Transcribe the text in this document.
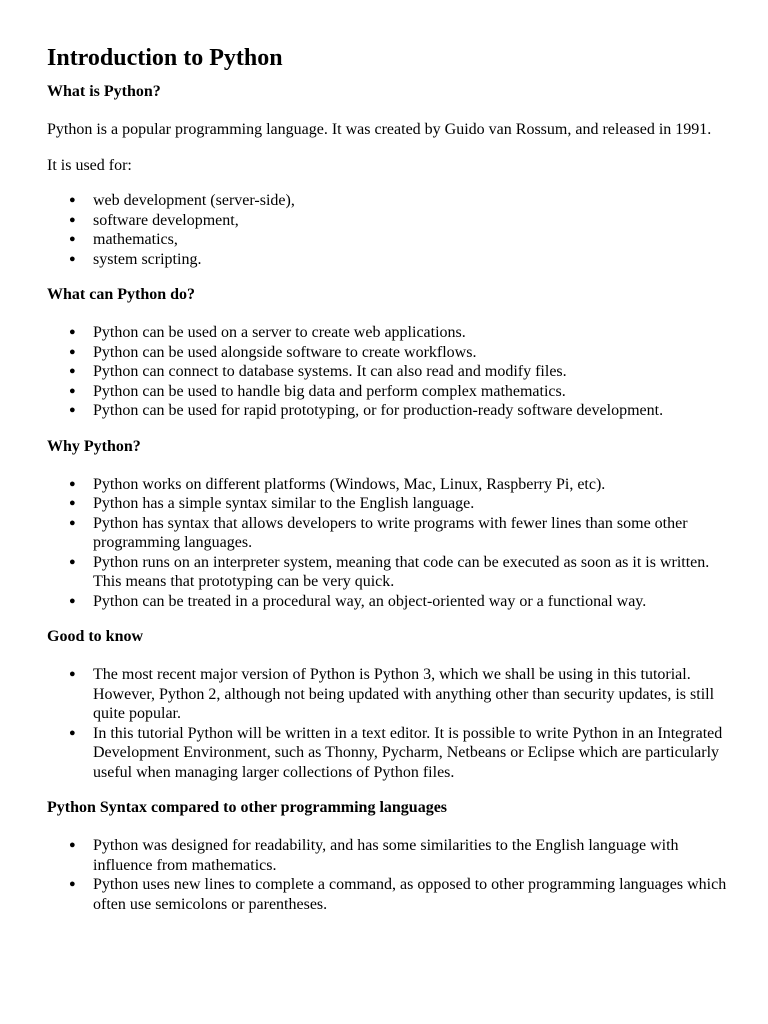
Introduction to Python
What is Python?

Python is a popular programming language. It was created by Guido van Rossum, and released in 1991.

It is used for:

● web development (server-side),
● software development,
● mathematics,
● system scripting.
What can Python do?
● Python can be used on a server to create web applications.
● Python can be used alongside software to create workflows.
● Python can connect to database systems. It can also read and modify files.
● Python can be used to handle big data and perform complex mathematics.
● Python can be used for rapid prototyping, or for production-ready software development.
Why Python?
● Python works on different platforms (Windows, Mac, Linux, Raspberry Pi, etc).
● Python has a simple syntax similar to the English language.
● Python has syntax that allows developers to write programs with fewer lines than some other programming languages.
● Python runs on an interpreter system, meaning that code can be executed as soon as it is written. This means that prototyping can be very quick.
● Python can be treated in a procedural way, an object-oriented way or a functional way.
Good to know
● The most recent major version of Python is Python 3, which we shall be using in this tutorial. However, Python 2, although not being updated with anything other than security updates, is still quite popular.
● In this tutorial Python will be written in a text editor. It is possible to write Python in an Integrated Development Environment, such as Thonny, Pycharm, Netbeans or Eclipse which are particularly useful when managing larger collections of Python files.
Python Syntax compared to other programming languages
● Python was designed for readability, and has some similarities to the English language with influence from mathematics.
● Python uses new lines to complete a command, as opposed to other programming languages which often use semicolons or parentheses.
